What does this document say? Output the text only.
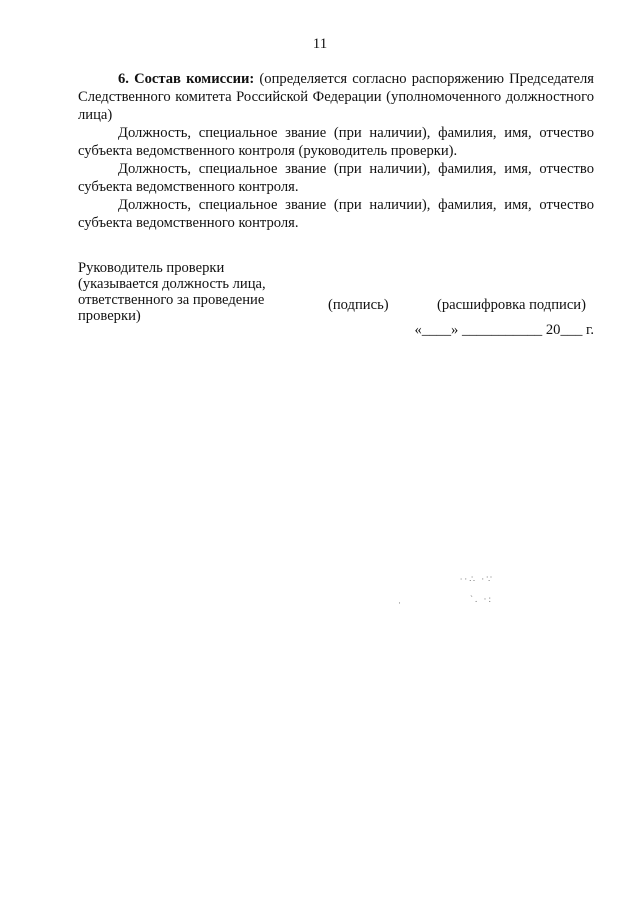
11

6. Состав комиссии: (определяется согласно распоряжению Председателя Следственного комитета Российской Федерации (уполномоченного должностного лица)

Должность, специальное звание (при наличии), фамилия, имя, отчество субъекта ведомственного контроля (руководитель проверки).

Должность, специальное звание (при наличии), фамилия, имя, отчество субъекта ведомственного контроля.

Должность, специальное звание (при наличии), фамилия, имя, отчество субъекта ведомственного контроля.

Руководитель проверки
(указывается должность лица,
ответственного за проведение
проверки)
(подпись)	(расшифровка подписи)
«____» ___________ 20___ г.
∙·∴ ·∵
·	`. ·:
